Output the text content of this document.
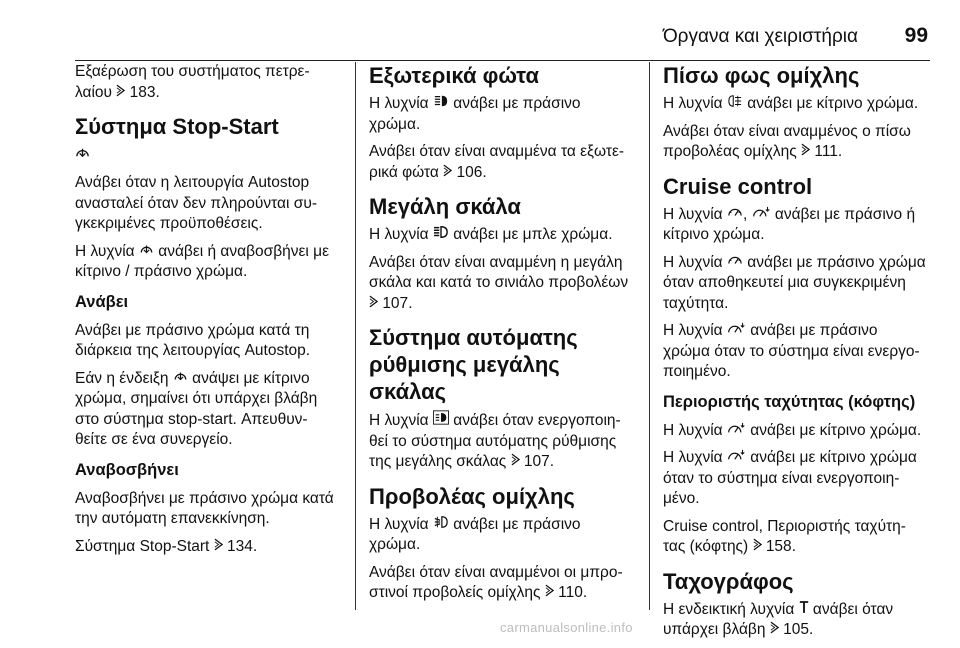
Όργανα και χειριστήρια 99

Εξαέρωση του συστήματος πετρε-
λαίου  183.

Σύστημα Stop-Start

Ανάβει όταν η λειτουργία Autostop
ανασταλεί όταν δεν πληρούνται συ-
γκεκριμένες προϋποθέσεις.

Η λυχνία  ανάβει ή αναβοσβήνει με
κίτρινο / πράσινο χρώμα.

Ανάβει

Ανάβει με πράσινο χρώμα κατά τη
διάρκεια της λειτουργίας Autostop.

Εάν η ένδειξη  ανάψει με κίτρινο
χρώμα, σημαίνει ότι υπάρχει βλάβη
στο σύστημα stop-start. Απευθυν-
θείτε σε ένα συνεργείο.

Αναβοσβήνει

Αναβοσβήνει με πράσινο χρώμα κατά
την αυτόματη επανεκκίνηση.

Σύστημα Stop-Start  134.

Εξωτερικά φώτα

Η λυχνία  ανάβει με πράσινο
χρώμα.

Ανάβει όταν είναι αναμμένα τα εξωτε-
ρικά φώτα  106.

Μεγάλη σκάλα

Η λυχνία  ανάβει με μπλε χρώμα.

Ανάβει όταν είναι αναμμένη η μεγάλη
σκάλα και κατά το σινιάλο προβολέων
107.

Σύστημα αυτόματης
ρύθμισης μεγάλης σκάλας

Η λυχνία  ανάβει όταν ενεργοποιη-
θεί το σύστημα αυτόματης ρύθμισης
της μεγάλης σκάλας  107.

Προβολέας ομίχλης

Η λυχνία  ανάβει με πράσινο
χρώμα.

Ανάβει όταν είναι αναμμένοι οι μπρο-
στινοί προβολείς ομίχλης  110.

Πίσω φως ομίχλης

Η λυχνία  ανάβει με κίτρινο χρώμα.

Ανάβει όταν είναι αναμμένος ο πίσω
προβολέας ομίχλης  111.

Cruise control

Η λυχνία ,  ανάβει με πράσινο ή
κίτρινο χρώμα.

Η λυχνία  ανάβει με πράσινο χρώμα
όταν αποθηκευτεί μια συγκεκριμένη
ταχύτητα.

Η λυχνία  ανάβει με πράσινο
χρώμα όταν το σύστημα είναι ενεργο-
ποιημένο.

Περιοριστής ταχύτητας (κόφτης)

Η λυχνία  ανάβει με κίτρινο χρώμα.

Η λυχνία  ανάβει με κίτρινο χρώμα
όταν το σύστημα είναι ενεργοποιη-
μένο.

Cruise control, Περιοριστής ταχύτη-
τας (κόφτης)  158.

Ταχογράφος

Η ενδεικτική λυχνία  ανάβει όταν
υπάρχει βλάβη  105.

carmanualsonline.info
